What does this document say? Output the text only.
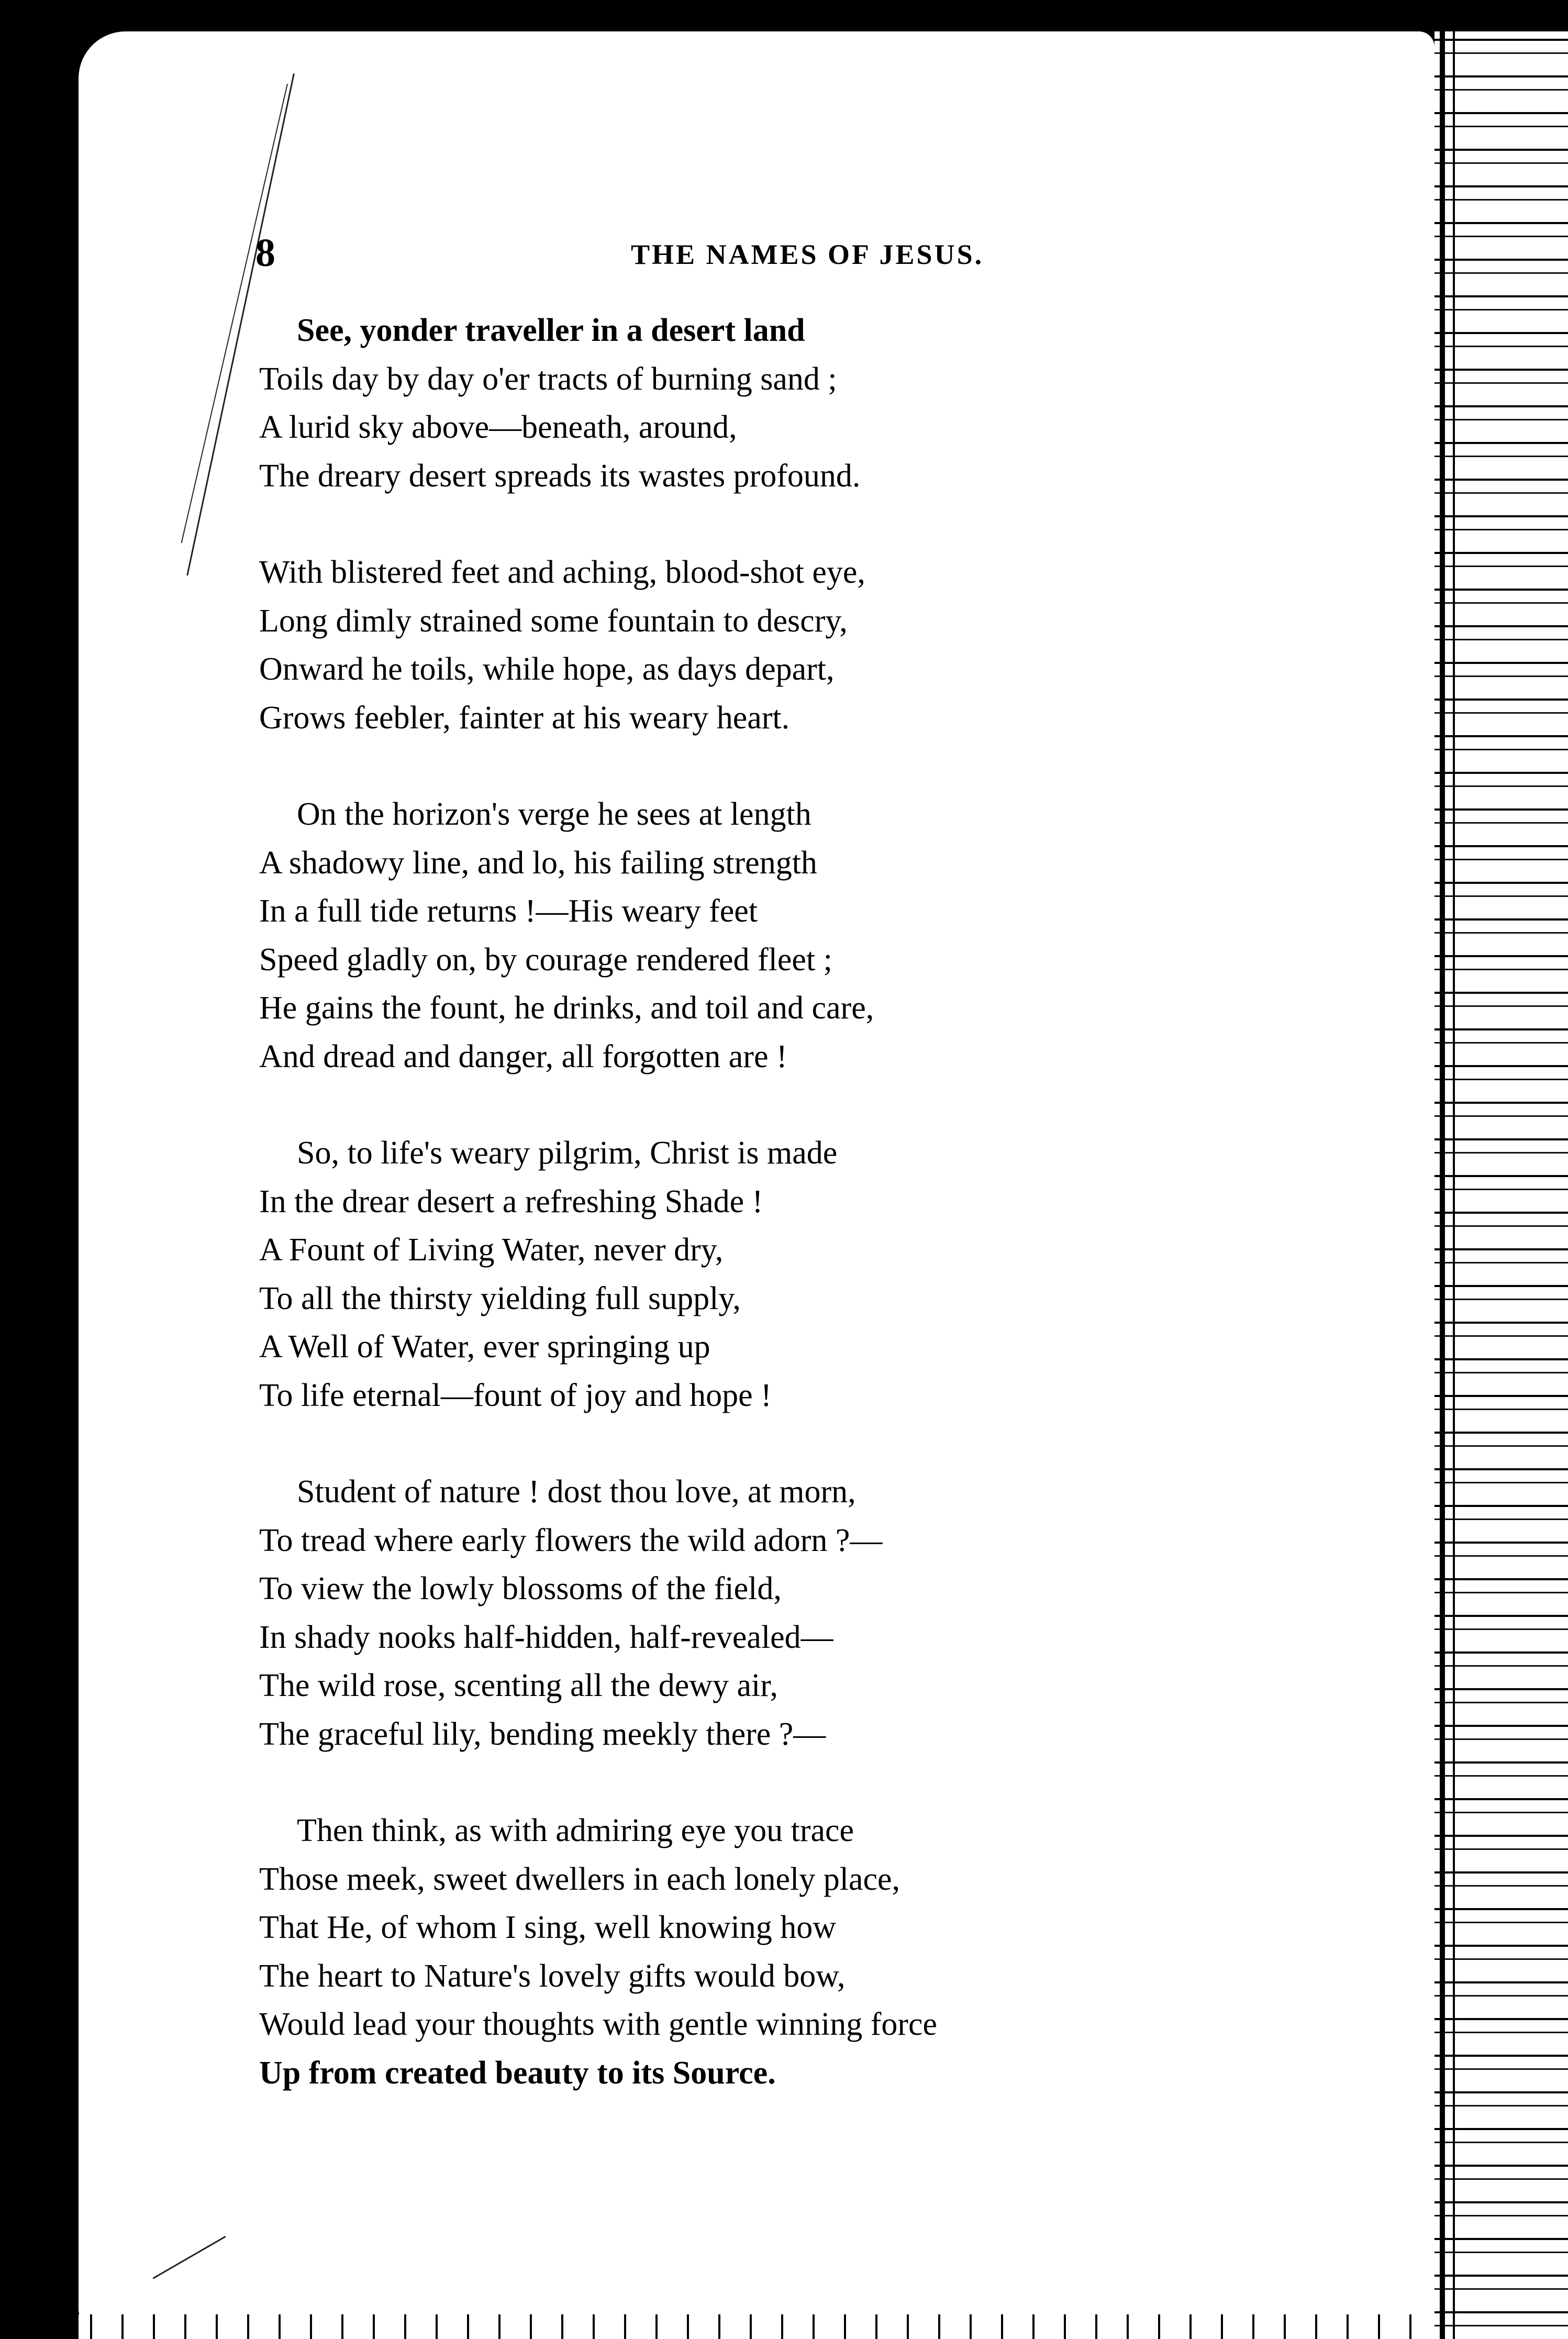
8	THE NAMES OF JESUS.
See, yonder traveller in a desert land
Toils day by day o'er tracts of burning sand ;
A lurid sky above—beneath, around,
The dreary desert spreads its wastes profound.
With blistered feet and aching, blood-shot eye,
Long dimly strained some fountain to descry,
Onward he toils, while hope, as days depart,
Grows feebler, fainter at his weary heart.
On the horizon's verge he sees at length
A shadowy line, and lo, his failing strength
In a full tide returns !—His weary feet
Speed gladly on, by courage rendered fleet ;
He gains the fount, he drinks, and toil and care,
And dread and danger, all forgotten are !
So, to life's weary pilgrim, Christ is made
In the drear desert a refreshing Shade !
A Fount of Living Water, never dry,
To all the thirsty yielding full supply,
A Well of Water, ever springing up
To life eternal—fount of joy and hope !
Student of nature ! dost thou love, at morn,
To tread where early flowers the wild adorn ?—
To view the lowly blossoms of the field,
In shady nooks half-hidden, half-revealed—
The wild rose, scenting all the dewy air,
The graceful lily, bending meekly there ?—
Then think, as with admiring eye you trace
Those meek, sweet dwellers in each lonely place,
That He, of whom I sing, well knowing how
The heart to Nature's lovely gifts would bow,
Would lead your thoughts with gentle winning force
Up from created beauty to its Source.
